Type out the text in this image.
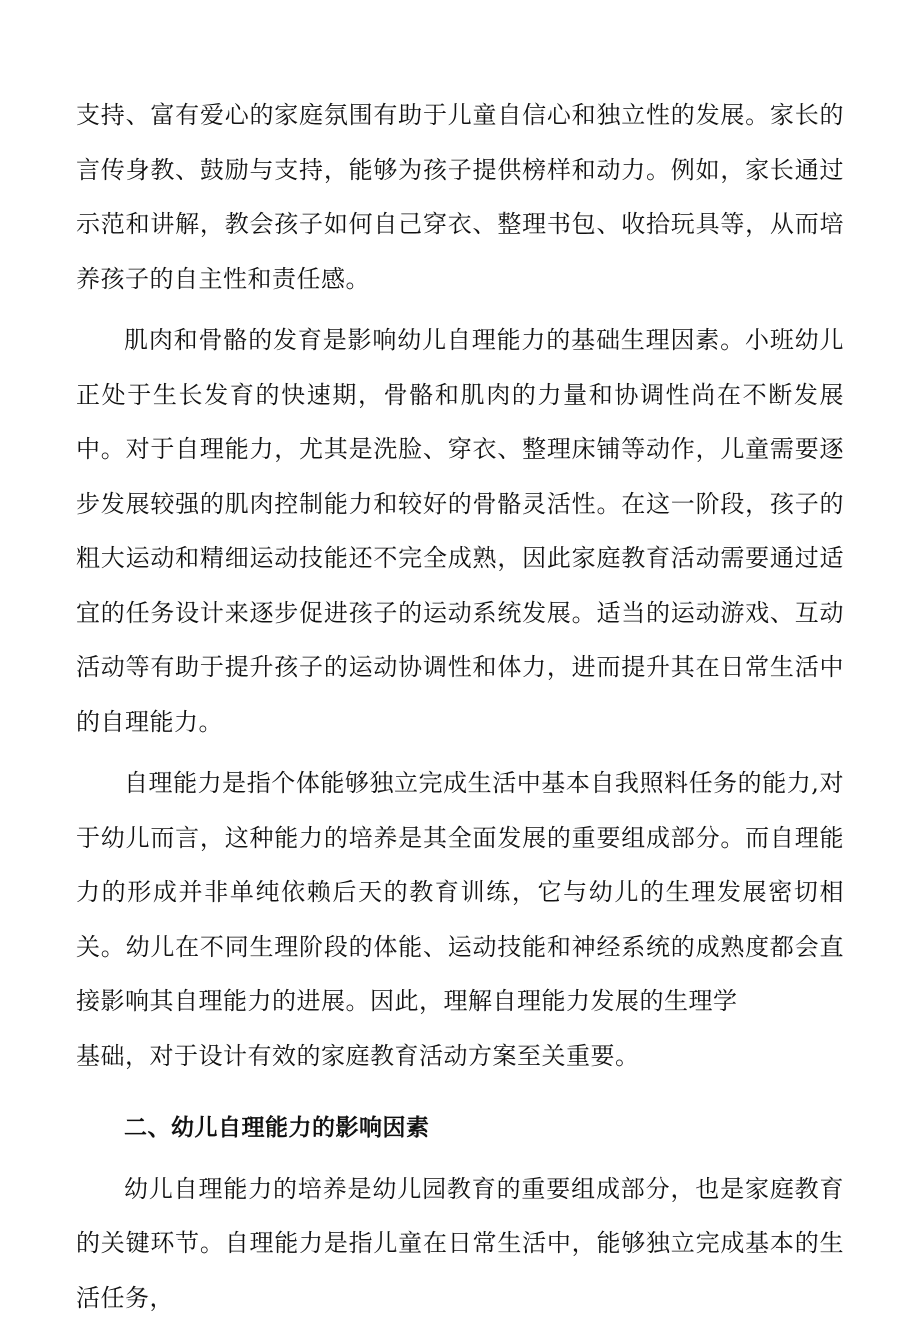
支持、富有爱心的家庭氛围有助于儿童自信心和独立性的发展。家长的言传身教、鼓励与支持，能够为孩子提供榜样和动力。例如，家长通过示范和讲解，教会孩子如何自己穿衣、整理书包、收拾玩具等，从而培养孩子的自主性和责任感。

肌肉和骨骼的发育是影响幼儿自理能力的基础生理因素。小班幼儿正处于生长发育的快速期，骨骼和肌肉的力量和协调性尚在不断发展中。对于自理能力，尤其是洗脸、穿衣、整理床铺等动作，儿童需要逐步发展较强的肌肉控制能力和较好的骨骼灵活性。在这一阶段，孩子的粗大运动和精细运动技能还不完全成熟，因此家庭教育活动需要通过适宜的任务设计来逐步促进孩子的运动系统发展。适当的运动游戏、互动活动等有助于提升孩子的运动协调性和体力，进而提升其在日常生活中的自理能力。

自理能力是指个体能够独立完成生活中基本自我照料任务的能力,对于幼儿而言，这种能力的培养是其全面发展的重要组成部分。而自理能力的形成并非单纯依赖后天的教育训练，它与幼儿的生理发展密切相关。幼儿在不同生理阶段的体能、运动技能和神经系统的成熟度都会直接影响其自理能力的进展。因此，理解自理能力发展的生理学

基础，对于设计有效的家庭教育活动方案至关重要。

二、幼儿自理能力的影响因素

幼儿自理能力的培养是幼儿园教育的重要组成部分，也是家庭教育的关键环节。自理能力是指儿童在日常生活中，能够独立完成基本的生活任务，
